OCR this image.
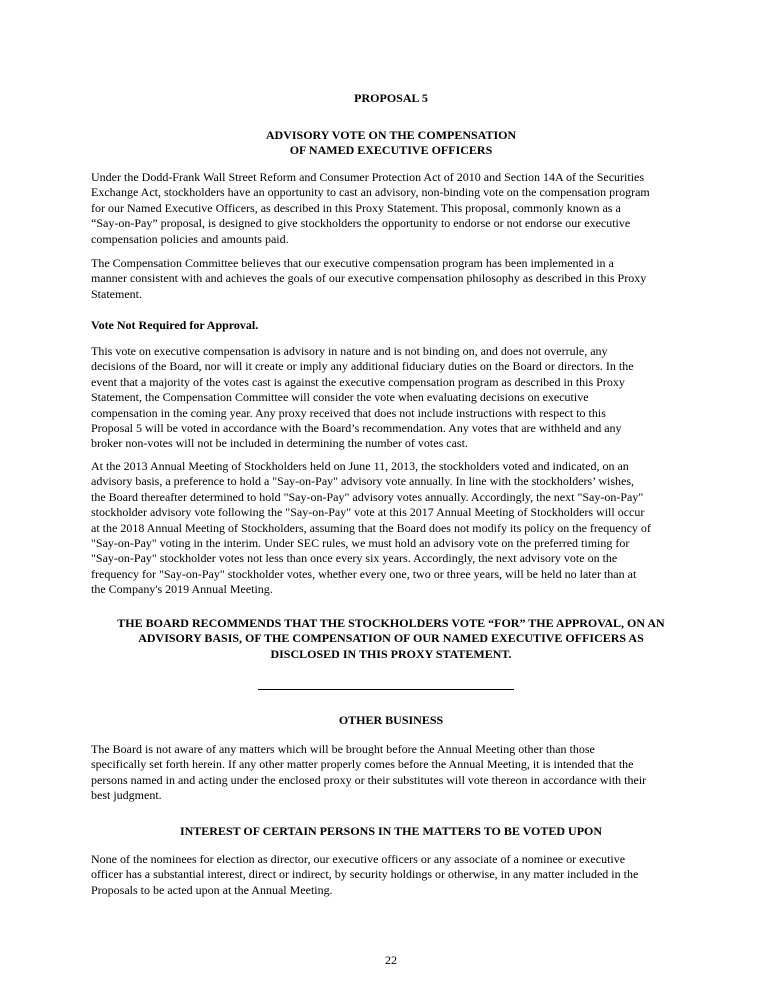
PROPOSAL 5
ADVISORY VOTE ON THE COMPENSATION
OF NAMED EXECUTIVE OFFICERS
Under the Dodd-Frank Wall Street Reform and Consumer Protection Act of 2010 and Section 14A of the Securities
Exchange Act, stockholders have an opportunity to cast an advisory, non-binding vote on the compensation program
for our Named Executive Officers, as described in this Proxy Statement. This proposal, commonly known as a
“Say-on-Pay” proposal, is designed to give stockholders the opportunity to endorse or not endorse our executive
compensation policies and amounts paid.
The Compensation Committee believes that our executive compensation program has been implemented in a
manner consistent with and achieves the goals of our executive compensation philosophy as described in this Proxy
Statement.
Vote Not Required for Approval.
This vote on executive compensation is advisory in nature and is not binding on, and does not overrule, any
decisions of the Board, nor will it create or imply any additional fiduciary duties on the Board or directors. In the
event that a majority of the votes cast is against the executive compensation program as described in this Proxy
Statement, the Compensation Committee will consider the vote when evaluating decisions on executive
compensation in the coming year. Any proxy received that does not include instructions with respect to this
Proposal 5 will be voted in accordance with the Board’s recommendation. Any votes that are withheld and any
broker non-votes will not be included in determining the number of votes cast.
At the 2013 Annual Meeting of Stockholders held on June 11, 2013, the stockholders voted and indicated, on an
advisory basis, a preference to hold a "Say-on-Pay" advisory vote annually. In line with the stockholders’ wishes,
the Board thereafter determined to hold "Say-on-Pay" advisory votes annually. Accordingly, the next "Say-on-Pay"
stockholder advisory vote following the "Say-on-Pay" vote at this 2017 Annual Meeting of Stockholders will occur
at the 2018 Annual Meeting of Stockholders, assuming that the Board does not modify its policy on the frequency of
"Say-on-Pay" voting in the interim. Under SEC rules, we must hold an advisory vote on the preferred timing for
"Say-on-Pay" stockholder votes not less than once every six years. Accordingly, the next advisory vote on the
frequency for "Say-on-Pay" stockholder votes, whether every one, two or three years, will be held no later than at
the Company's 2019 Annual Meeting.
THE BOARD RECOMMENDS THAT THE STOCKHOLDERS VOTE “FOR” THE APPROVAL, ON AN
ADVISORY BASIS, OF THE COMPENSATION OF OUR NAMED EXECUTIVE OFFICERS AS
DISCLOSED IN THIS PROXY STATEMENT.
OTHER BUSINESS
The Board is not aware of any matters which will be brought before the Annual Meeting other than those
specifically set forth herein. If any other matter properly comes before the Annual Meeting, it is intended that the
persons named in and acting under the enclosed proxy or their substitutes will vote thereon in accordance with their
best judgment.
INTEREST OF CERTAIN PERSONS IN THE MATTERS TO BE VOTED UPON
None of the nominees for election as director, our executive officers or any associate of a nominee or executive
officer has a substantial interest, direct or indirect, by security holdings or otherwise, in any matter included in the
Proposals to be acted upon at the Annual Meeting.
22
